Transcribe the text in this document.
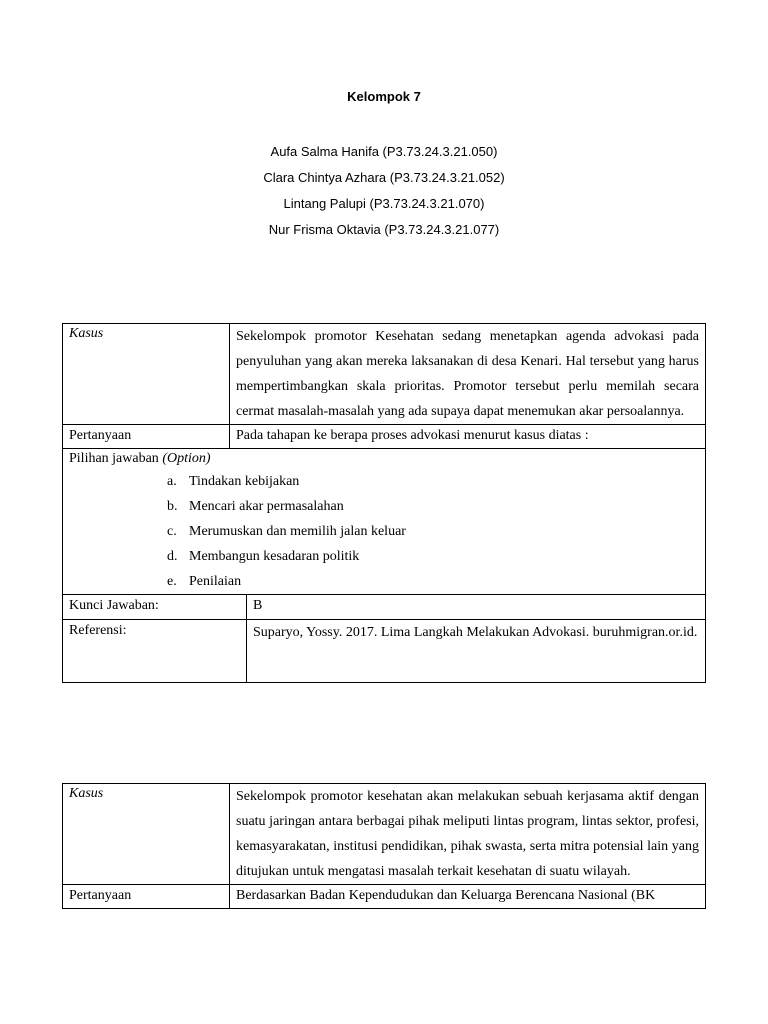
Kelompok 7
Aufa Salma Hanifa (P3.73.24.3.21.050)
Clara Chintya Azhara (P3.73.24.3.21.052)
Lintang Palupi (P3.73.24.3.21.070)
Nur Frisma Oktavia (P3.73.24.3.21.077)
Kasus	Sekelompok promotor Kesehatan sedang menetapkan agenda advokasi pada penyuluhan yang akan mereka laksanakan di desa Kenari. Hal tersebut yang harus mempertimbangkan skala prioritas. Promotor tersebut perlu memilah secara cermat masalah-masalah yang ada supaya dapat menemukan akar persoalannya.
Pertanyaan	Pada tahapan ke berapa proses advokasi menurut kasus diatas :

Pilihan jawaban (Option)
a. Tindakan kebijakan
b. Mencari akar permasalahan
c. Merumuskan dan memilih jalan keluar
d. Membangun kesadaran politik
e. Penilaian

Kunci Jawaban:	B
Referensi:	Suparyo, Yossy. 2017. Lima Langkah Melakukan Advokasi. buruhmigran.or.id.
Kasus	Sekelompok promotor kesehatan akan melakukan sebuah kerjasama aktif dengan suatu jaringan antara berbagai pihak meliputi lintas program, lintas sektor, profesi, kemasyarakatan, institusi pendidikan, pihak swasta, serta mitra potensial lain yang ditujukan untuk mengatasi masalah terkait kesehatan di suatu wilayah.
Pertanyaan	Berdasarkan Badan Kependudukan dan Keluarga Berencana Nasional (BK
